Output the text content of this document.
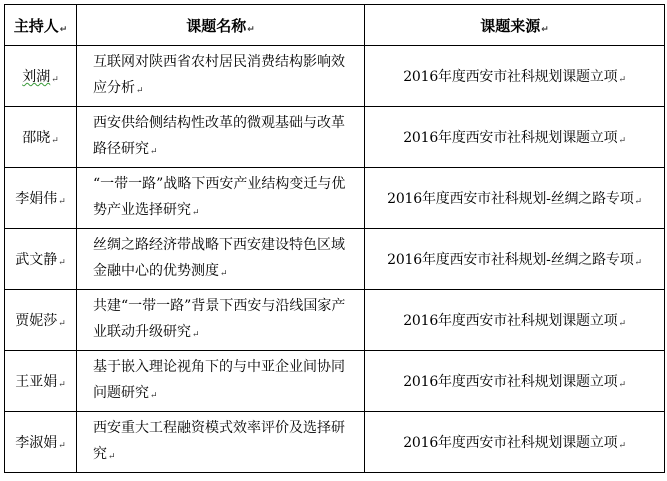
主持人↵	课题名称↵	课题来源↵
刘湖↵	互联网对陕西省农村居民消费结构影响效应分析↵	2016年度西安市社科规划课题立项↵
邵晓↵	西安供给侧结构性改革的微观基础与改革路径研究↵	2016年度西安市社科规划课题立项↵
李娟伟↵	“一带一路”战略下西安产业结构变迁与优势产业选择研究↵	2016年度西安市社科规划-丝绸之路专项↵
武文静↵	丝绸之路经济带战略下西安建设特色区域金融中心的优势测度↵	2016年度西安市社科规划-丝绸之路专项↵
贾妮莎↵	共建“一带一路”背景下西安与沿线国家产业联动升级研究↵	2016年度西安市社科规划课题立项↵
王亚娟↵	基于嵌入理论视角下的与中亚企业间协同问题研究↵	2016年度西安市社科规划课题立项↵
李淑娟↵	西安重大工程融资模式效率评价及选择研究↵	2016年度西安市社科规划课题立项↵
